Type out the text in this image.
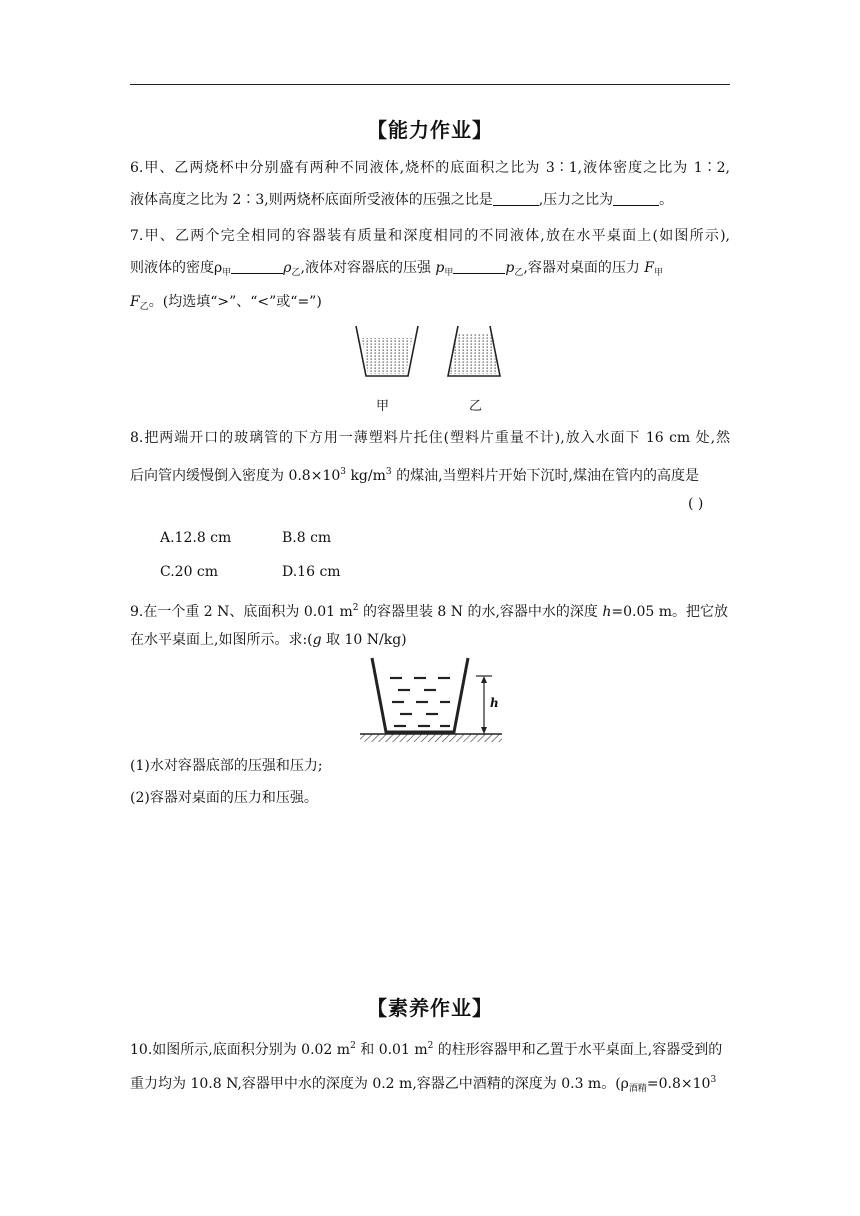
【能力作业】
6.甲、乙两烧杯中分别盛有两种不同液体,烧杯的底面积之比为 3∶1,液体密度之比为 1∶2,
液体高度之比为 2∶3,则两烧杯底面所受液体的压强之比是	,压力之比为	。
7.甲、乙两个完全相同的容器装有质量和深度相同的不同液体,放在水平桌面上(如图所示),
则液体的密度$\rho_甲$	$\rho_乙$,液体对容器底的压强 $p_甲$	$p_乙$,容器对桌面的压力 $F_甲$
$F_乙$。(均选填“>”、“<”或“=”)
甲	乙
8.把两端开口的玻璃管的下方用一薄塑料片托住(塑料片重量不计),放入水面下 16 cm 处,然
后向管内缓慢倒入密度为 $0.8\times 10^3$ $kg/m^3$ 的煤油,当塑料片开始下沉时,煤油在管内的高度是
( )
A.12.8 cm	B.8 cm
C.20 cm	D.16 cm
9.在一个重 2 N、底面积为 0.01 $m^2$ 的容器里装 8 N 的水,容器中水的深度 h=0.05 m。把它放
在水平桌面上,如图所示。求:(g 取 10 N/kg)
h
(1)水对容器底部的压强和压力;
(2)容器对桌面的压力和压强。
【素养作业】
10.如图所示,底面积分别为 0.02 $m^2$ 和 0.01 $m^2$ 的柱形容器甲和乙置于水平桌面上,容器受到的
重力均为 10.8 N,容器甲中水的深度为 0.2 m,容器乙中酒精的深度为 0.3 m。($\rho_{酒精}=0.8\times 10^3$
